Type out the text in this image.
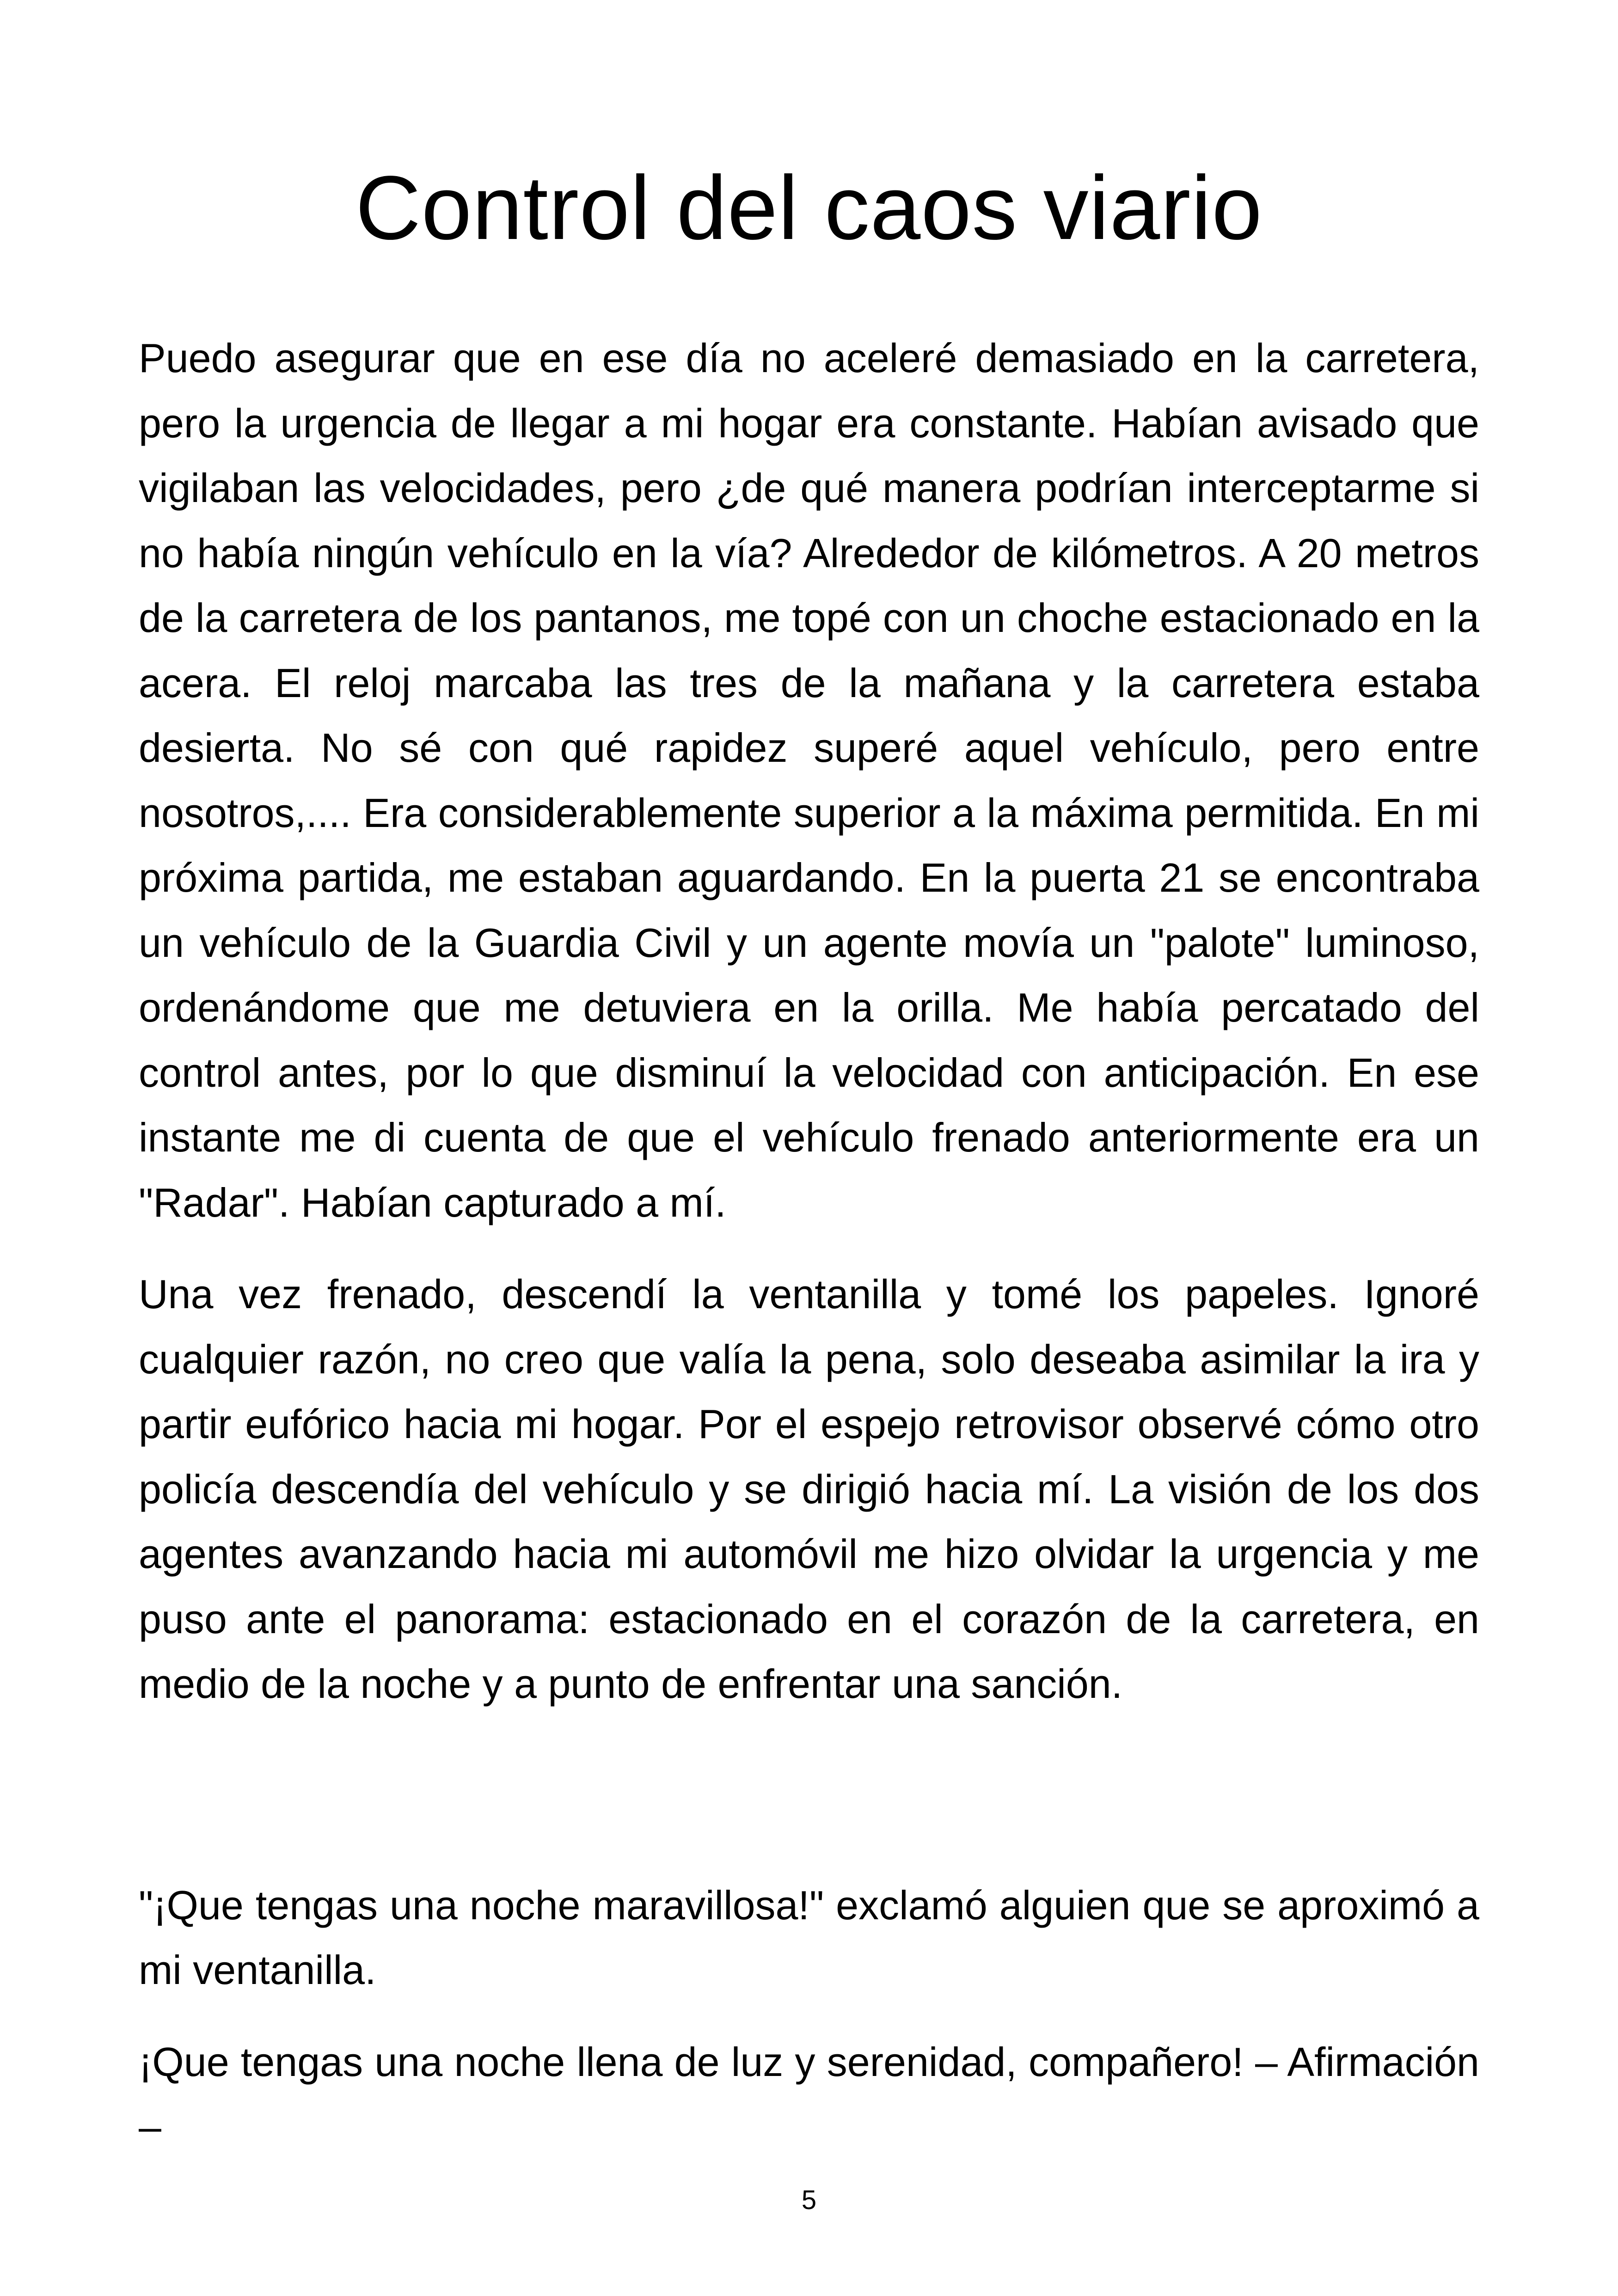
Control del caos viario

Puedo asegurar que en ese día no aceleré demasiado en la carretera, pero la urgencia de llegar a mi hogar era constante. Habían avisado que vigilaban las velocidades, pero ¿de qué manera podrían interceptarme si no había ningún vehículo en la vía? Alrededor de kilómetros. A 20 metros de la carretera de los pantanos, me topé con un choche estacionado en la acera. El reloj marcaba las tres de la mañana y la carretera estaba desierta. No sé con qué rapidez superé aquel vehículo, pero entre nosotros,.... Era considerablemente superior a la máxima permitida. En mi próxima partida, me estaban aguardando. En la puerta 21 se encontraba un vehículo de la Guardia Civil y un agente movía un "palote" luminoso, ordenándome que me detuviera en la orilla. Me había percatado del control antes, por lo que disminuí la velocidad con anticipación. En ese instante me di cuenta de que el vehículo frenado anteriormente era un "Radar". Habían capturado a mí.

Una vez frenado, descendí la ventanilla y tomé los papeles. Ignoré cualquier razón, no creo que valía la pena, solo deseaba asimilar la ira y partir eufórico hacia mi hogar. Por el espejo retrovisor observé cómo otro policía descendía del vehículo y se dirigió hacia mí. La visión de los dos agentes avanzando hacia mi automóvil me hizo olvidar la urgencia y me puso ante el panorama: estacionado en el corazón de la carretera, en medio de la noche y a punto de enfrentar una sanción.

"¡Que tengas una noche maravillosa!" exclamó alguien que se aproximó a mi ventanilla.

¡Que tengas una noche llena de luz y serenidad, compañero! – Afirmación –

5
